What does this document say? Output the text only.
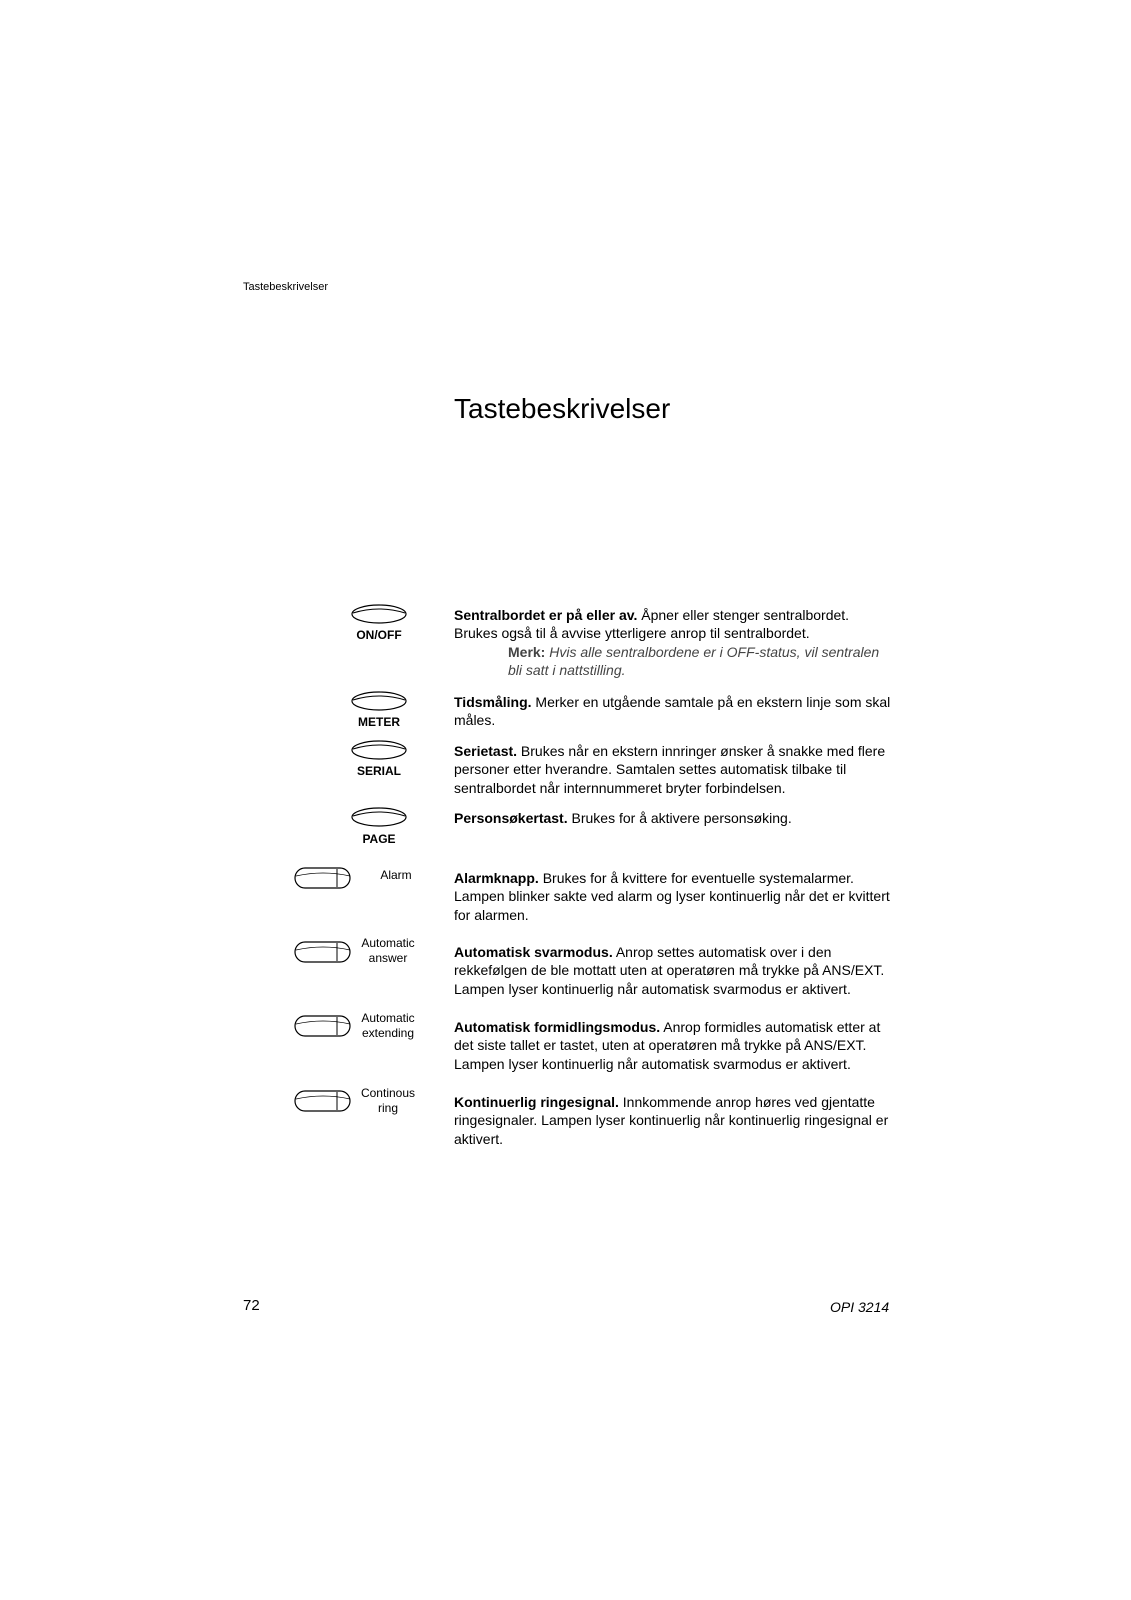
Tastebeskrivelser
Tastebeskrivelser
ON/OFF
METER
SERIAL
PAGE
Alarm
Automatic
answer
Automatic
extending
Continous
ring
Sentralbordet er på eller av. Åpner eller stenger sentralbordet. Brukes også til å avvise ytterligere anrop til sentralbordet.
Merk: Hvis alle sentralbordene er i OFF-status, vil sentralen bli satt i nattstilling.
Tidsmåling. Merker en utgående samtale på en ekstern linje som skal måles.
Serietast. Brukes når en ekstern innringer ønsker å snakke med flere personer etter hverandre. Samtalen settes automatisk tilbake til sentralbordet når internnummeret bryter forbindelsen.
Personsøkertast. Brukes for å aktivere personsøking.
Alarmknapp. Brukes for å kvittere for eventuelle systemalarmer. Lampen blinker sakte ved alarm og lyser kontinuerlig når det er kvittert for alarmen.
Automatisk svarmodus. Anrop settes automatisk over i den rekkefølgen de ble mottatt uten at operatøren må trykke på ANS/EXT. Lampen lyser kontinuerlig når automatisk svarmodus er aktivert.
Automatisk formidlingsmodus. Anrop formidles automatisk etter at det siste tallet er tastet, uten at operatøren må trykke på ANS/EXT. Lampen lyser kontinuerlig når automatisk svarmodus er aktivert.
Kontinuerlig ringesignal. Innkommende anrop høres ved gjentatte ringesignaler. Lampen lyser kontinuerlig når kontinuerlig ringesignal er aktivert.
72	OPI 3214
